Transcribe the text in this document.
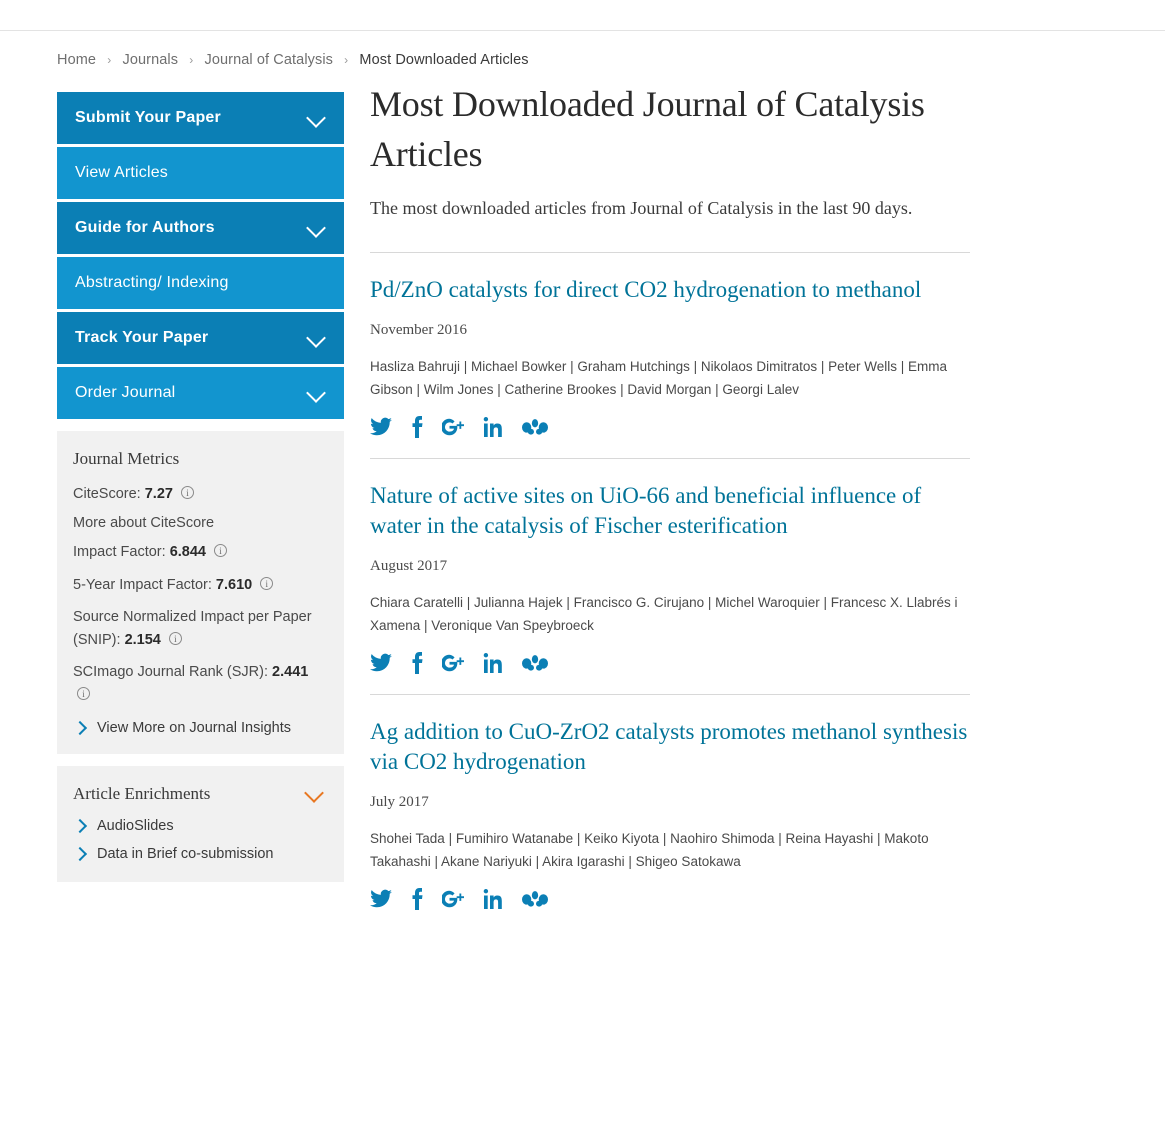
Home › Journals › Journal of Catalysis › Most Downloaded Articles
Submit Your Paper
View Articles
Guide for Authors
Abstracting/ Indexing
Track Your Paper
Order Journal
Journal Metrics
CiteScore: 7.27 i
More about CiteScore
Impact Factor: 6.844 i
5-Year Impact Factor: 7.610 i
Source Normalized Impact per Paper (SNIP): 2.154 i
SCImago Journal Rank (SJR): 2.441 i
View More on Journal Insights
Article Enrichments
AudioSlides
Data in Brief co-submission
Most Downloaded Journal of Catalysis Articles
The most downloaded articles from Journal of Catalysis in the last 90 days.
Pd/ZnO catalysts for direct CO2 hydrogenation to methanol
November 2016
Hasliza Bahruji | Michael Bowker | Graham Hutchings | Nikolaos Dimitratos | Peter Wells | Emma Gibson | Wilm Jones | Catherine Brookes | David Morgan | Georgi Lalev
Nature of active sites on UiO-66 and beneficial influence of water in the catalysis of Fischer esterification
August 2017
Chiara Caratelli | Julianna Hajek | Francisco G. Cirujano | Michel Waroquier | Francesc X. Llabrés i Xamena | Veronique Van Speybroeck
Ag addition to CuO-ZrO2 catalysts promotes methanol synthesis via CO2 hydrogenation
July 2017
Shohei Tada | Fumihiro Watanabe | Keiko Kiyota | Naohiro Shimoda | Reina Hayashi | Makoto Takahashi | Akane Nariyuki | Akira Igarashi | Shigeo Satokawa
